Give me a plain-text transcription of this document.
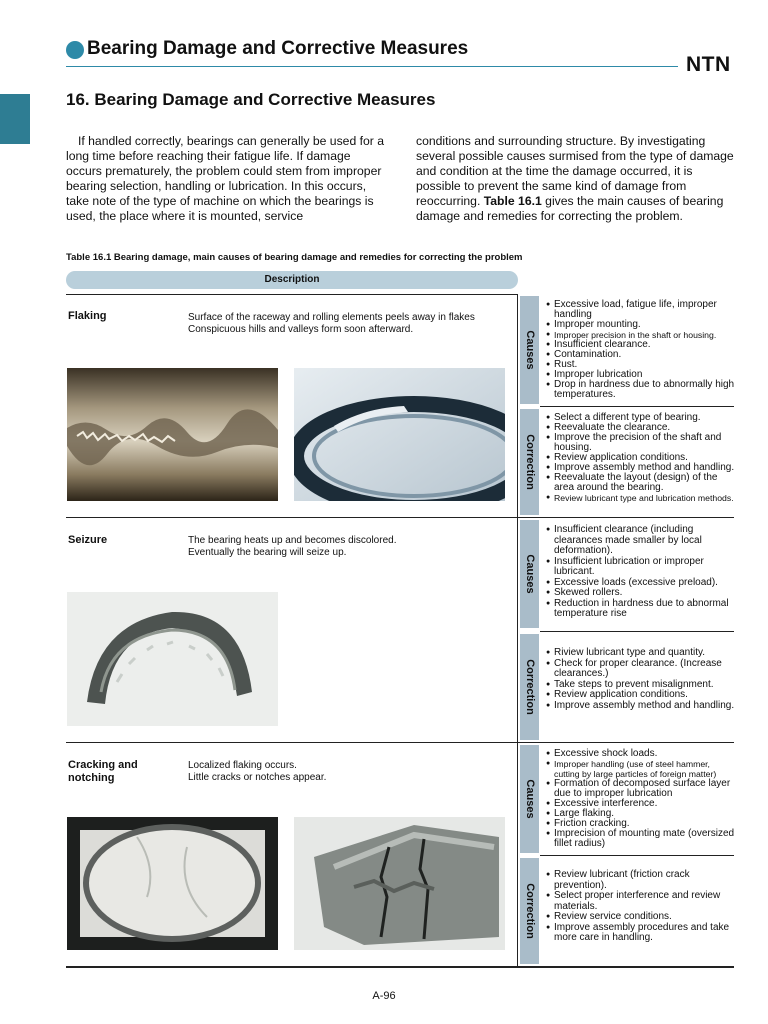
Bearing Damage and Corrective Measures
NTN
16. Bearing Damage and Corrective Measures
If handled correctly, bearings can generally be used for a long time before reaching their fatigue life. If damage occurs prematurely, the problem could stem from improper bearing selection, handling or lubrication. In this occurs, take note of the type of machine on which the bearings is used, the place where it is mounted, service
conditions and surrounding structure. By investigating several possible causes surmised from the type of damage and condition at the time the damage occurred, it is possible to prevent the same kind of damage from reoccurring. Table 16.1 gives the main causes of bearing damage and remedies for correcting the problem.
Table 16.1 Bearing damage, main causes of bearing damage and remedies for correcting the problem
Description
Causes
Correction
Causes
Correction
Causes
Correction
Flaking	Surface of the raceway and rolling elements peels away in flakes
Conspicuous hills and valleys form soon afterward.
● Excessive load, fatigue life, improper handling
● Improper mounting.
● Improper precision in the shaft or housing.
● Insufficient clearance.
● Contamination.
● Rust.
● Improper lubrication
● Drop in hardness due to abnormally high temperatures.
● Select a different type of bearing.
● Reevaluate the clearance.
● Improve the precision of the shaft and housing.
● Review application conditions.
● Improve assembly method and handling.
● Reevaluate the layout (design) of the area around the bearing.
● Review lubricant type and lubrication methods.
Seizure	The bearing heats up and becomes discolored.
Eventually the bearing will seize up.
● Insufficient clearance (including clearances made smaller by local deformation).
● Insufficient lubrication or improper lubricant.
● Excessive loads (excessive preload).
● Skewed rollers.
● Reduction in hardness due to abnormal temperature rise
● Riview lubricant type and quantity.
● Check for proper clearance. (Increase clearances.)
● Take steps to prevent misalignment.
● Review application conditions.
● Improve assembly method and handling.
Cracking and notching
Localized flaking occurs.
Little cracks or notches appear.
● Excessive shock loads.
● Improper handling (use of steel hammer, cutting by large particles of foreign matter)
● Formation of decomposed surface layer due to improper lubrication
● Excessive interference.
● Large flaking.
● Friction cracking.
● Imprecision of mounting mate (oversized fillet radius)
● Review lubricant (friction crack prevention).
● Select proper interference and review materials.
● Review service conditions.
● Improve assembly procedures and take more care in handling.
A-96
